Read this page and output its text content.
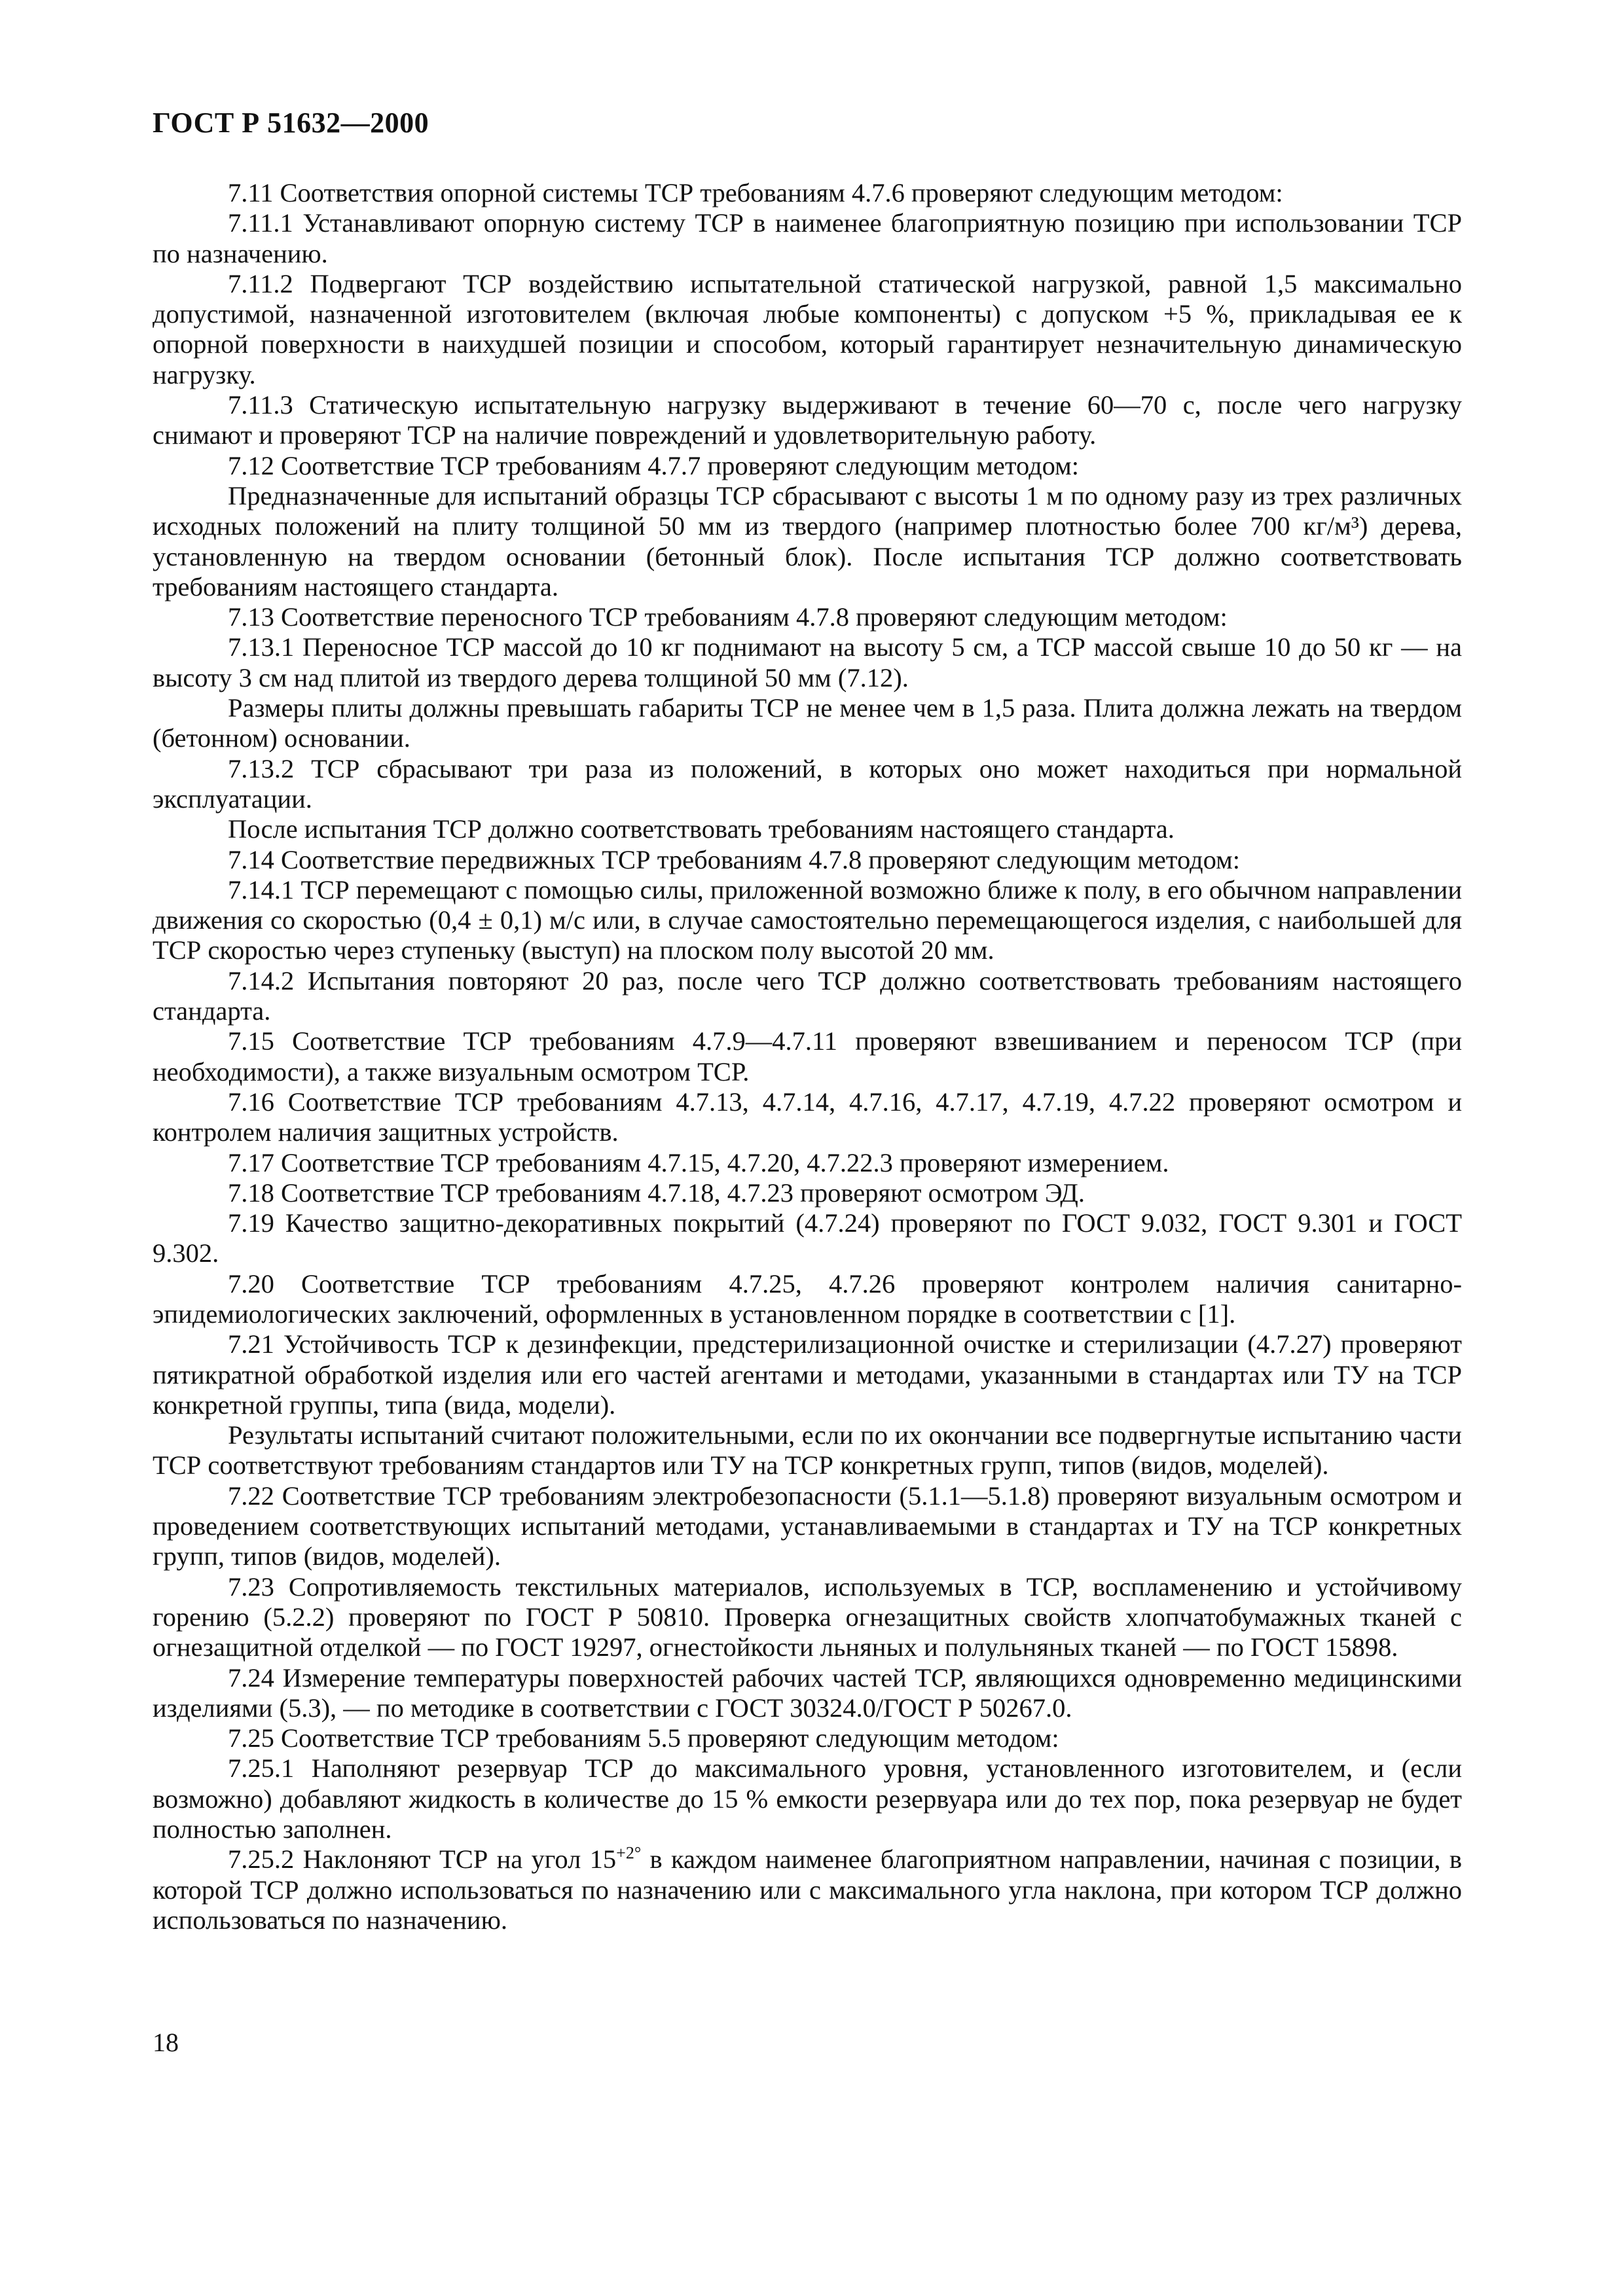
ГОСТ Р 51632—2000

7.11 Соответствия опорной системы ТСР требованиям 4.7.6 проверяют следующим методом:

7.11.1 Устанавливают опорную систему ТСР в наименее благоприятную позицию при использовании ТСР по назначению.

7.11.2 Подвергают ТСР воздействию испытательной статической нагрузкой, равной 1,5 максимально допустимой, назначенной изготовителем (включая любые компоненты) с допуском +5 %, прикладывая ее к опорной поверхности в наихудшей позиции и способом, который гарантирует незначительную динамическую нагрузку.

7.11.3 Статическую испытательную нагрузку выдерживают в течение 60—70 с, после чего нагрузку снимают и проверяют ТСР на наличие повреждений и удовлетворительную работу.

7.12 Соответствие ТСР требованиям 4.7.7 проверяют следующим методом:

Предназначенные для испытаний образцы ТСР сбрасывают с высоты 1 м по одному разу из трех различных исходных положений на плиту толщиной 50 мм из твердого (например плотностью более 700 кг/м³) дерева, установленную на твердом основании (бетонный блок). После испытания ТСР должно соответствовать требованиям настоящего стандарта.

7.13 Соответствие переносного ТСР требованиям 4.7.8 проверяют следующим методом:

7.13.1 Переносное ТСР массой до 10 кг поднимают на высоту 5 см, а ТСР массой свыше 10 до 50 кг — на высоту 3 см над плитой из твердого дерева толщиной 50 мм (7.12).

Размеры плиты должны превышать габариты ТСР не менее чем в 1,5 раза. Плита должна лежать на твердом (бетонном) основании.

7.13.2 ТСР сбрасывают три раза из положений, в которых оно может находиться при нормальной эксплуатации.

После испытания ТСР должно соответствовать требованиям настоящего стандарта.

7.14 Соответствие передвижных ТСР требованиям 4.7.8 проверяют следующим методом:

7.14.1 ТСР перемещают с помощью силы, приложенной возможно ближе к полу, в его обычном направлении движения со скоростью (0,4 ± 0,1) м/с или, в случае самостоятельно перемещающегося изделия, с наибольшей для ТСР скоростью через ступеньку (выступ) на плоском полу высотой 20 мм.

7.14.2 Испытания повторяют 20 раз, после чего ТСР должно соответствовать требованиям настоящего стандарта.

7.15 Соответствие ТСР требованиям 4.7.9—4.7.11 проверяют взвешиванием и переносом ТСР (при необходимости), а также визуальным осмотром ТСР.

7.16 Соответствие ТСР требованиям 4.7.13, 4.7.14, 4.7.16, 4.7.17, 4.7.19, 4.7.22 проверяют осмотром и контролем наличия защитных устройств.

7.17 Соответствие ТСР требованиям 4.7.15, 4.7.20, 4.7.22.3 проверяют измерением.

7.18 Соответствие ТСР требованиям 4.7.18, 4.7.23 проверяют осмотром ЭД.

7.19 Качество защитно-декоративных покрытий (4.7.24) проверяют по ГОСТ 9.032, ГОСТ 9.301 и ГОСТ 9.302.

7.20 Соответствие ТСР требованиям 4.7.25, 4.7.26 проверяют контролем наличия санитарно-эпидемиологических заключений, оформленных в установленном порядке в соответствии с [1].

7.21 Устойчивость ТСР к дезинфекции, предстерилизационной очистке и стерилизации (4.7.27) проверяют пятикратной обработкой изделия или его частей агентами и методами, указанными в стандартах или ТУ на ТСР конкретной группы, типа (вида, модели).

Результаты испытаний считают положительными, если по их окончании все подвергнутые испытанию части ТСР соответствуют требованиям стандартов или ТУ на ТСР конкретных групп, типов (видов, моделей).

7.22 Соответствие ТСР требованиям электробезопасности (5.1.1—5.1.8) проверяют визуальным осмотром и проведением соответствующих испытаний методами, устанавливаемыми в стандартах и ТУ на ТСР конкретных групп, типов (видов, моделей).

7.23 Сопротивляемость текстильных материалов, используемых в ТСР, воспламенению и устойчивому горению (5.2.2) проверяют по ГОСТ Р 50810. Проверка огнезащитных свойств хлопчатобумажных тканей с огнезащитной отделкой — по ГОСТ 19297, огнестойкости льняных и полульняных тканей — по ГОСТ 15898.

7.24 Измерение температуры поверхностей рабочих частей ТСР, являющихся одновременно медицинскими изделиями (5.3), — по методике в соответствии с ГОСТ 30324.0/ГОСТ Р 50267.0.

7.25 Соответствие ТСР требованиям 5.5 проверяют следующим методом:

7.25.1 Наполняют резервуар ТСР до максимального уровня, установленного изготовителем, и (если возможно) добавляют жидкость в количестве до 15 % емкости резервуара или до тех пор, пока резервуар не будет полностью заполнен.

7.25.2 Наклоняют ТСР на угол $15^{+2^\circ}$ в каждом наименее благоприятном направлении, начиная с позиции, в которой ТСР должно использоваться по назначению или с максимального угла наклона, при котором ТСР должно использоваться по назначению.

18
